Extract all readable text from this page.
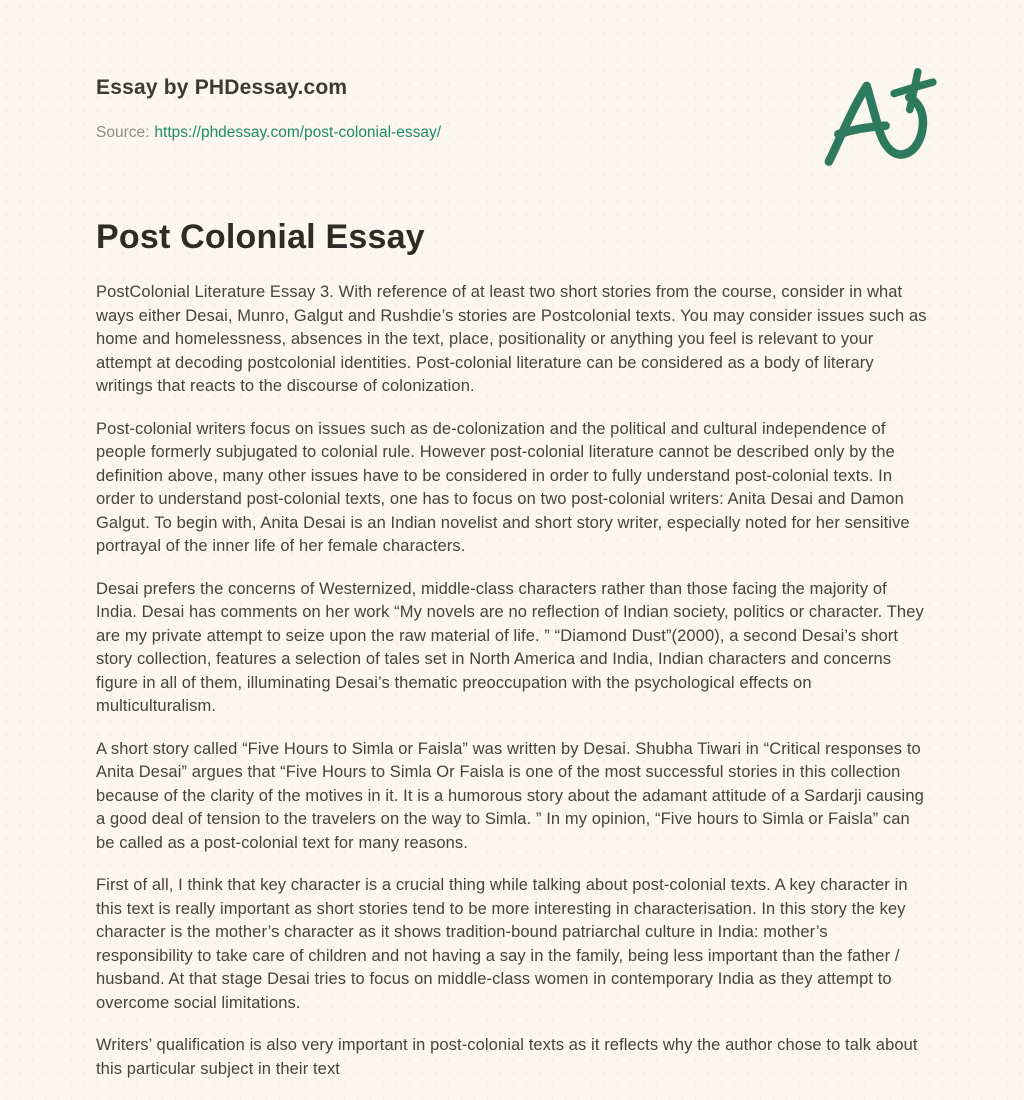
Essay by PHDessay.com
Source: https://phdessay.com/post-colonial-essay/
Post Colonial Essay

PostColonial Literature Essay 3. With reference of at least two short stories from the course, consider in what ways either Desai, Munro, Galgut and Rushdie’s stories are Postcolonial texts. You may consider issues such as home and homelessness, absences in the text, place, positionality or anything you feel is relevant to your attempt at decoding postcolonial identities. Post-colonial literature can be considered as a body of literary writings that reacts to the discourse of colonization.

Post-colonial writers focus on issues such as de-colonization and the political and cultural independence of people formerly subjugated to colonial rule. However post-colonial literature cannot be described only by the definition above, many other issues have to be considered in order to fully understand post-colonial texts. In order to understand post-colonial texts, one has to focus on two post-colonial writers: Anita Desai and Damon Galgut. To begin with, Anita Desai is an Indian novelist and short story writer, especially noted for her sensitive portrayal of the inner life of her female characters.

Desai prefers the concerns of Westernized, middle-class characters rather than those facing the majority of India. Desai has comments on her work “My novels are no reflection of Indian society, politics or character. They are my private attempt to seize upon the raw material of life. ” “Diamond Dust”(2000), a second Desai’s short story collection, features a selection of tales set in North America and India, Indian characters and concerns figure in all of them, illuminating Desai’s thematic preoccupation with the psychological effects on multiculturalism.

A short story called “Five Hours to Simla or Faisla” was written by Desai. Shubha Tiwari in “Critical responses to Anita Desai” argues that “Five Hours to Simla Or Faisla is one of the most successful stories in this collection because of the clarity of the motives in it. It is a humorous story about the adamant attitude of a Sardarji causing a good deal of tension to the travelers on the way to Simla. ” In my opinion, “Five hours to Simla or Faisla” can be called as a post-colonial text for many reasons.

First of all, I think that key character is a crucial thing while talking about post-colonial texts. A key character in this text is really important as short stories tend to be more interesting in characterisation. In this story the key character is the mother’s character as it shows tradition-bound patriarchal culture in India: mother’s responsibility to take care of children and not having a say in the family, being less important than the father / husband. At that stage Desai tries to focus on middle-class women in contemporary India as they attempt to overcome social limitations.

Writers’ qualification is also very important in post-colonial texts as it reflects why the author chose to talk about this particular subject in their text
